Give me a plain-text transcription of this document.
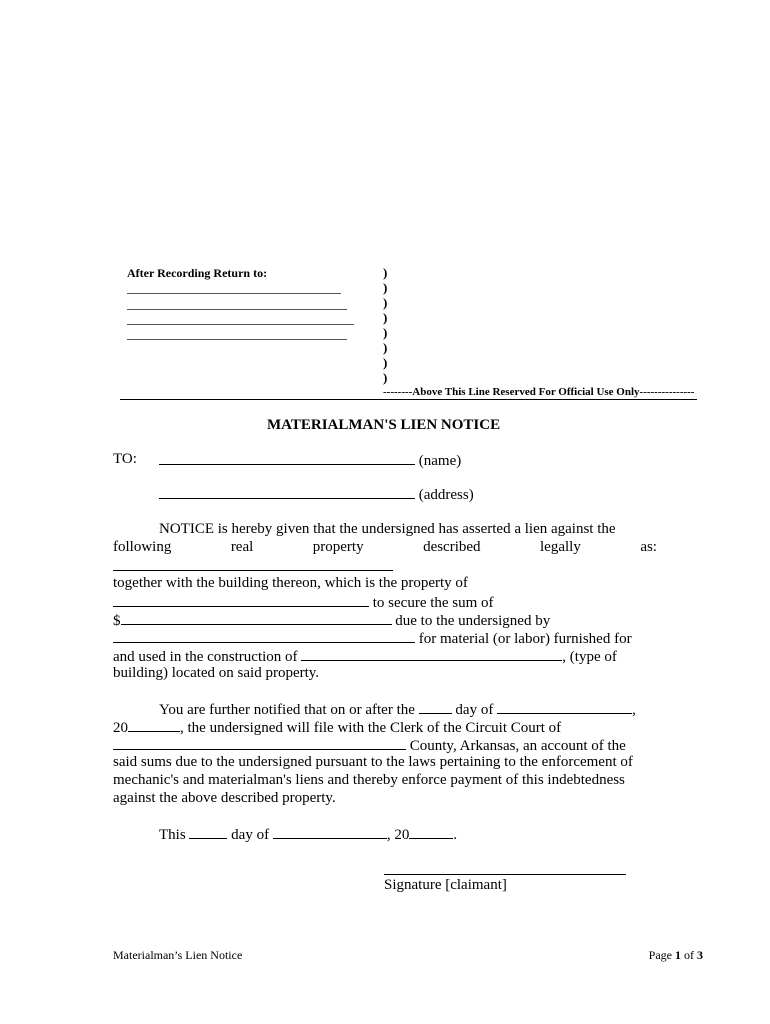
After Recording Return to:	)
)
)
)
)
)
)
)
--------Above This Line Reserved For Official Use Only---------------
MATERIALMAN'S LIEN NOTICE
TO:	(name)
(address)
NOTICE is hereby given that the undersigned has asserted a lien against the
following	real	property	described	legally	as:
together with the building thereon, which is the property of
to secure the sum of
$	due to the undersigned by
for material (or labor) furnished for
and used in the construction of	, (type of
building) located on said property.
You are further notified that on or after the	day of	,
20	, the undersigned will file with the Clerk of the Circuit Court of
County, Arkansas, an account of the
said sums due to the undersigned pursuant to the laws pertaining to the enforcement of
mechanic's and materialman's liens and thereby enforce payment of this indebtedness
against the above described property.
This	day of	, 20	.
Signature [claimant]
Materialman’s Lien Notice	Page 1 of 3
